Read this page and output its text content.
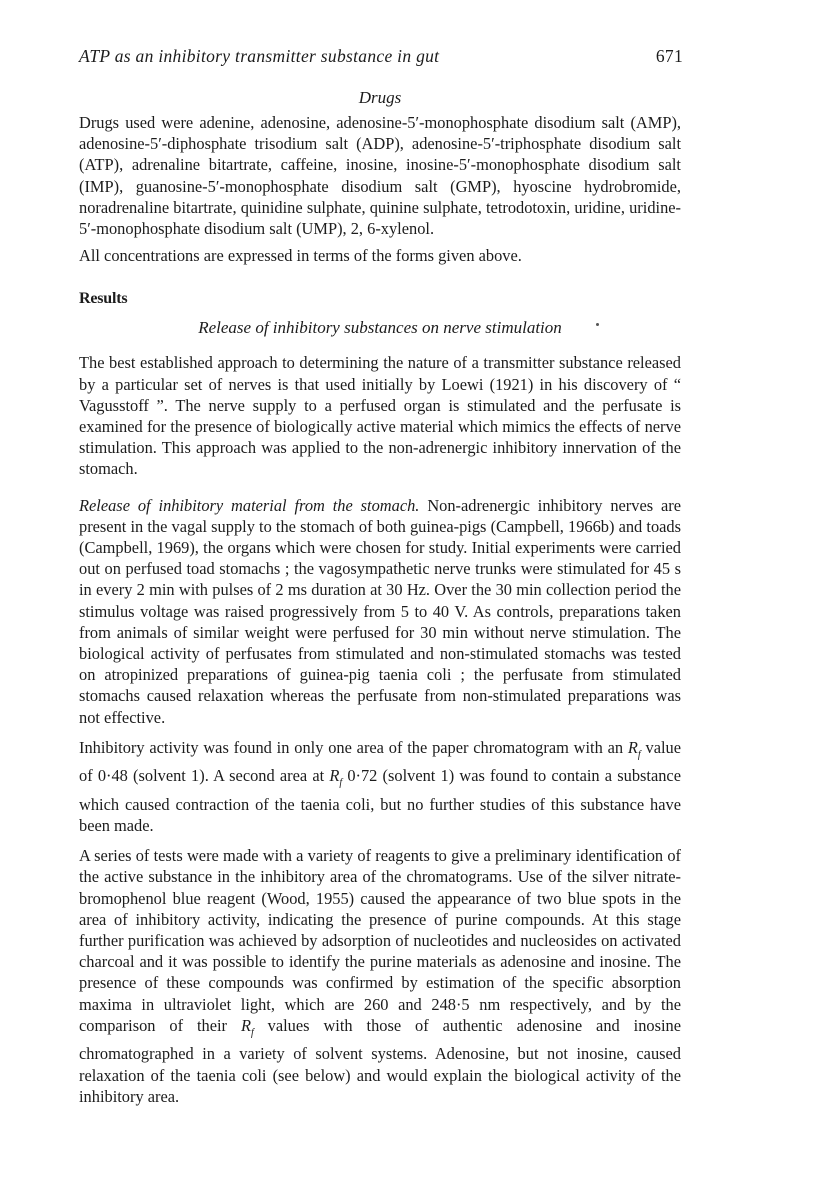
ATP as an inhibitory transmitter substance in gut	671
Drugs

Drugs used were adenine, adenosine, adenosine-5′-monophosphate disodium salt (AMP), adenosine-5′-diphosphate trisodium salt (ADP), adenosine-5′-triphosphate disodium salt (ATP), adrenaline bitartrate, caffeine, inosine, inosine-5′-monophosphate disodium salt (IMP), guanosine-5′-monophosphate disodium salt (GMP), hyoscine hydrobromide, noradrenaline bitartrate, quinidine sulphate, quinine sulphate, tetrodotoxin, uridine, uridine-5′-monophosphate disodium salt (UMP), 2, 6-xylenol.

All concentrations are expressed in terms of the forms given above.

Results
Release of inhibitory substances on nerve stimulation

The best established approach to determining the nature of a transmitter substance released by a particular set of nerves is that used initially by Loewi (1921) in his discovery of “ Vagusstoff ”. The nerve supply to a perfused organ is stimulated and the perfusate is examined for the presence of biologically active material which mimics the effects of nerve stimulation. This approach was applied to the non-adrenergic inhibitory innervation of the stomach.

Release of inhibitory material from the stomach. Non-adrenergic inhibitory nerves are present in the vagal supply to the stomach of both guinea-pigs (Campbell, 1966b) and toads (Campbell, 1969), the organs which were chosen for study. Initial experiments were carried out on perfused toad stomachs ; the vagosympathetic nerve trunks were stimulated for 45 s in every 2 min with pulses of 2 ms duration at 30 Hz. Over the 30 min collection period the stimulus voltage was raised progressively from 5 to 40 V. As controls, preparations taken from animals of similar weight were perfused for 30 min without nerve stimulation. The biological activity of perfusates from stimulated and non-stimulated stomachs was tested on atropinized preparations of guinea-pig taenia coli ; the perfusate from stimulated stomachs caused relaxation whereas the perfusate from non-stimulated preparations was not effective.

Inhibitory activity was found in only one area of the paper chromatogram with an $R_f$ value of 0·48 (solvent 1). A second area at $R_f$ 0·72 (solvent 1) was found to contain a substance which caused contraction of the taenia coli, but no further studies of this substance have been made.

A series of tests were made with a variety of reagents to give a preliminary identification of the active substance in the inhibitory area of the chromatograms. Use of the silver nitrate-bromophenol blue reagent (Wood, 1955) caused the appearance of two blue spots in the area of inhibitory activity, indicating the presence of purine compounds. At this stage further purification was achieved by adsorption of nucleotides and nucleosides on activated charcoal and it was possible to identify the purine materials as adenosine and inosine. The presence of these compounds was confirmed by estimation of the specific absorption maxima in ultraviolet light, which are 260 and 248·5 nm respectively, and by the comparison of their $R_f$ values with those of authentic adenosine and inosine chromatographed in a variety of solvent systems. Adenosine, but not inosine, caused relaxation of the taenia coli (see below) and would explain the biological activity of the inhibitory area.
